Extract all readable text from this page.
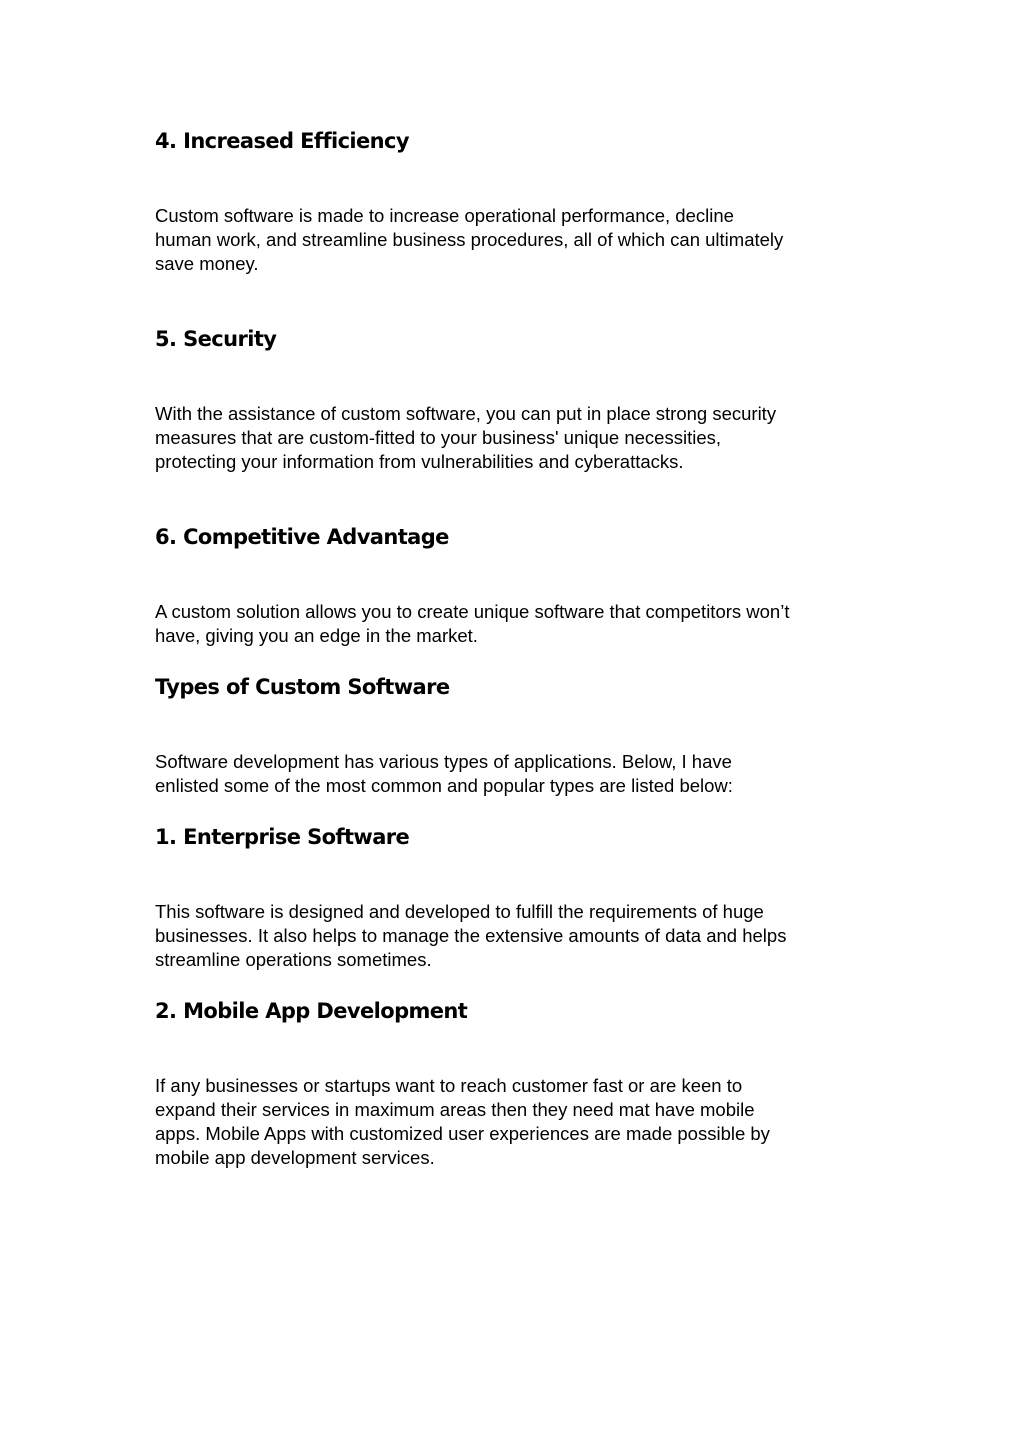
4. Increased Efficiency

Custom software is made to increase operational performance, decline
human work, and streamline business procedures, all of which can ultimately
save money.

5. Security

With the assistance of custom software, you can put in place strong security
measures that are custom-fitted to your business' unique necessities,
protecting your information from vulnerabilities and cyberattacks.

6. Competitive Advantage

A custom solution allows you to create unique software that competitors won’t
have, giving you an edge in the market.

Types of Custom Software

Software development has various types of applications. Below, I have
enlisted some of the most common and popular types are listed below:

1. Enterprise Software

This software is designed and developed to fulfill the requirements of huge
businesses. It also helps to manage the extensive amounts of data and helps
streamline operations sometimes.

2. Mobile App Development

If any businesses or startups want to reach customer fast or are keen to
expand their services in maximum areas then they need mat have mobile
apps. Mobile Apps with customized user experiences are made possible by
mobile app development services.
